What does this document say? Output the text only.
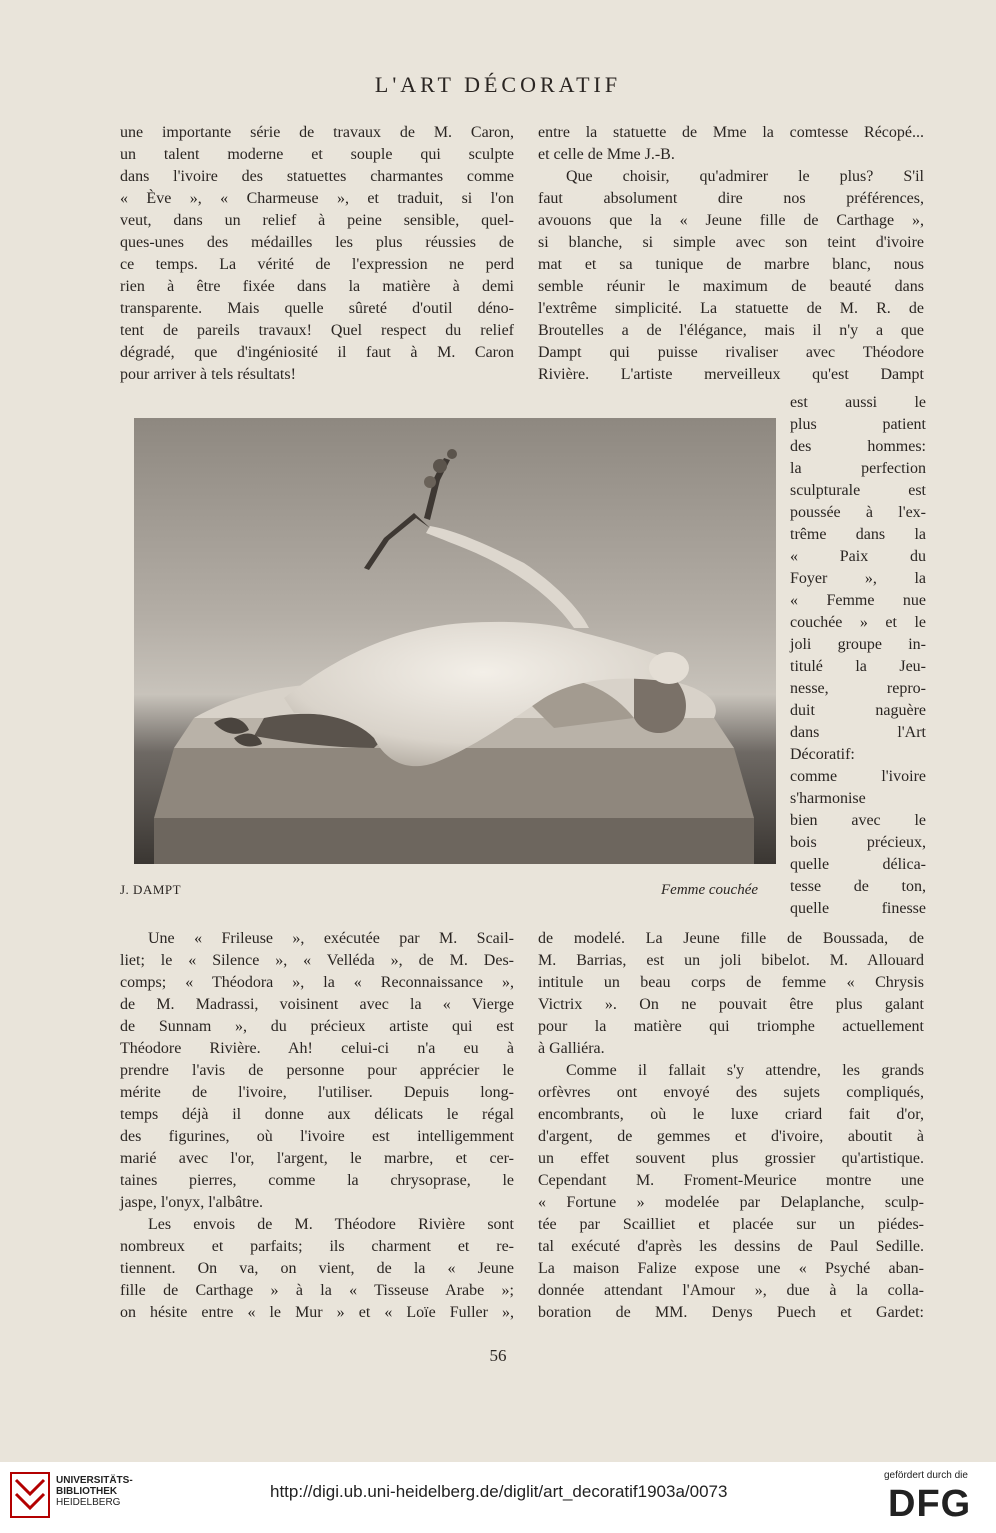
L'ART DÉCORATIF

une importante série de travaux de M. Caron,

un talent moderne et souple qui sculpte

dans l'ivoire des statuettes charmantes comme

« Ève », « Charmeuse », et traduit, si l'on

veut, dans un relief à peine sensible, quel-

ques-unes des médailles les plus réussies de

ce temps. La vérité de l'expression ne perd

rien à être fixée dans la matière à demi

transparente. Mais quelle sûreté d'outil déno-

tent de pareils travaux! Quel respect du relief

dégradé, que d'ingéniosité il faut à M. Caron

pour arriver à tels résultats!

entre la statuette de Mme la comtesse Récopé...

et celle de Mme J.-B.

Que choisir, qu'admirer le plus? S'il

faut absolument dire nos préférences,

avouons que la « Jeune fille de Carthage »,

si blanche, si simple avec son teint d'ivoire

mat et sa tunique de marbre blanc, nous

semble réunir le maximum de beauté dans

l'extrême simplicité. La statuette de M. R. de

Broutelles a de l'élégance, mais il n'y a que

Dampt qui puisse rivaliser avec Théodore

Rivière. L'artiste merveilleux qu'est Dampt

est aussi le

plus patient

des hommes:

la perfection

sculpturale est

poussée à l'ex-

trême dans la

« Paix du

Foyer », la

« Femme nue

couchée » et le

joli groupe in-

titulé la Jeu-

nesse, repro-

duit naguère

dans l'Art

Décoratif:

comme l'ivoire

s'harmonise

bien avec le

bois précieux,

quelle délica-

tesse de ton,

quelle finesse

J. DAMPT	Femme couchée

Une « Frileuse », exécutée par M. Scail-

liet; le « Silence », « Velléda », de M. Des-

comps; « Théodora », la « Reconnaissance »,

de M. Madrassi, voisinent avec la « Vierge

de Sunnam », du précieux artiste qui est

Théodore Rivière. Ah! celui-ci n'a eu à

prendre l'avis de personne pour apprécier le

mérite de l'ivoire, l'utiliser. Depuis long-

temps déjà il donne aux délicats le régal

des figurines, où l'ivoire est intelligemment

marié avec l'or, l'argent, le marbre, et cer-

taines pierres, comme la chrysoprase, le

jaspe, l'onyx, l'albâtre.

Les envois de M. Théodore Rivière sont

nombreux et parfaits; ils charment et re-

tiennent. On va, on vient, de la « Jeune

fille de Carthage » à la « Tisseuse Arabe »;

on hésite entre « le Mur » et « Loïe Fuller »,

de modelé. La Jeune fille de Boussada, de

M. Barrias, est un joli bibelot. M. Allouard

intitule un beau corps de femme « Chrysis

Victrix ». On ne pouvait être plus galant

pour la matière qui triomphe actuellement

à Galliéra.

Comme il fallait s'y attendre, les grands

orfèvres ont envoyé des sujets compliqués,

encombrants, où le luxe criard fait d'or,

d'argent, de gemmes et d'ivoire, aboutit à

un effet souvent plus grossier qu'artistique.

Cependant M. Froment-Meurice montre une

« Fortune » modelée par Delaplanche, sculp-

tée par Scailliet et placée sur un piédes-

tal exécuté d'après les dessins de Paul Sedille.

La maison Falize expose une « Psyché aban-

donnée attendant l'Amour », due à la colla-

boration de MM. Denys Puech et Gardet:

56
UNIVERSITÄTS-
BIBLIOTHEK
HEIDELBERG
http://digi.ub.uni-heidelberg.de/diglit/art_decoratif1903a/0073
gefördert durch die
DFG
